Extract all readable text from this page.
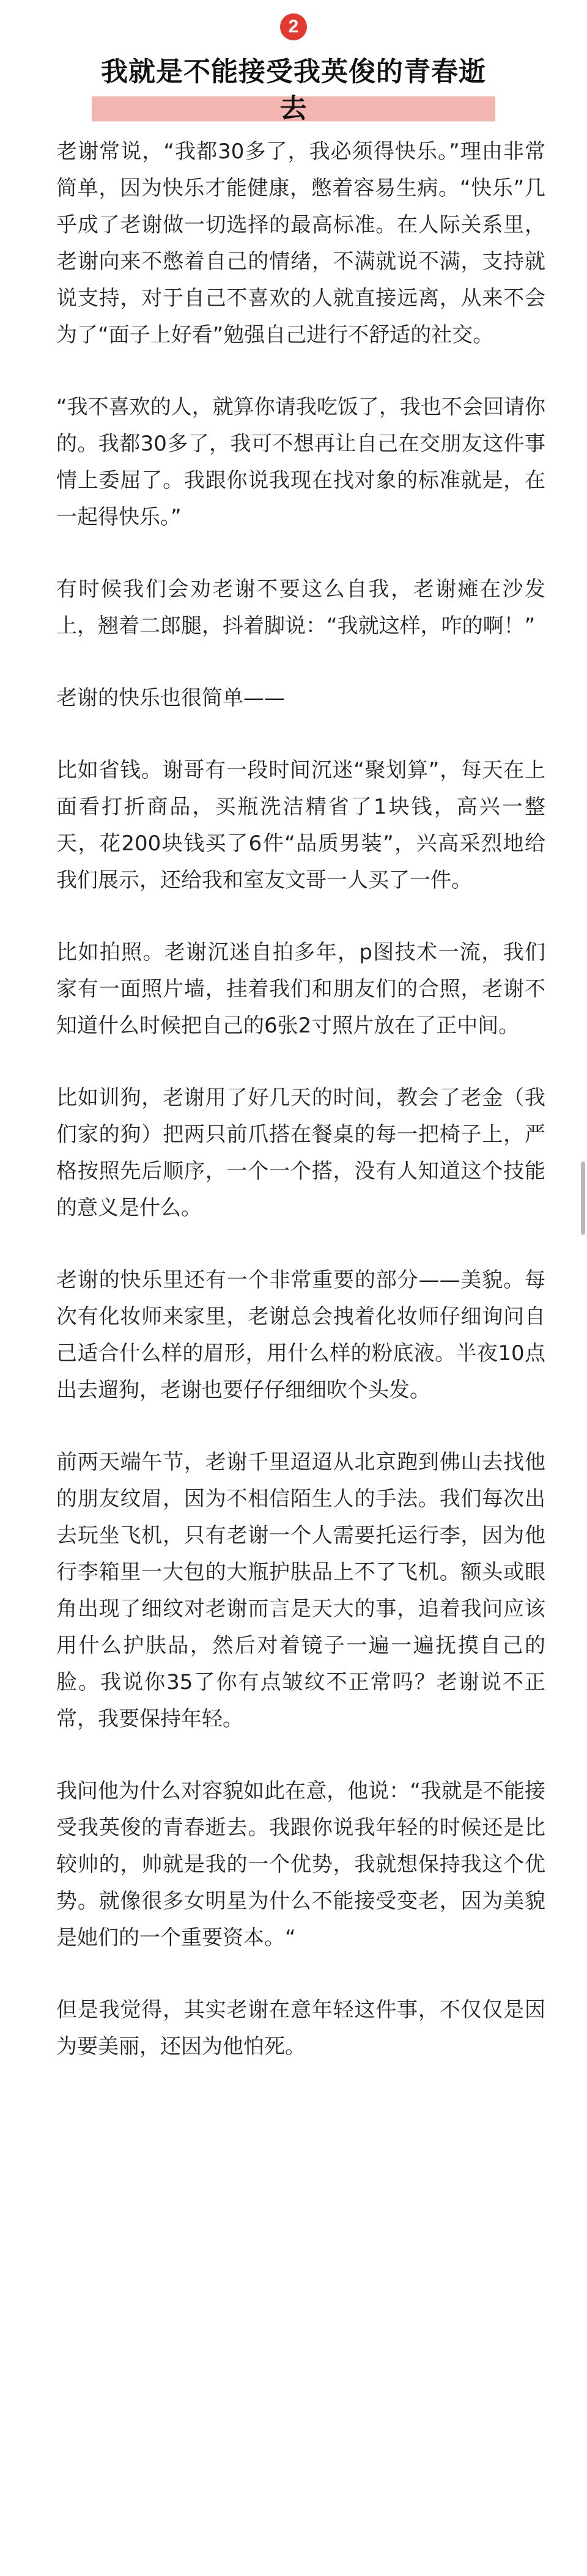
2
我就是不能接受我英俊的青春逝去

老谢常说，“我都30多了，我必须得快乐。”理由非常简单，因为快乐才能健康，憋着容易生病。“快乐”几乎成了老谢做一切选择的最高标准。在人际关系里，老谢向来不憋着自己的情绪，不满就说不满，支持就说支持，对于自己不喜欢的人就直接远离，从来不会为了“面子上好看”勉强自己进行不舒适的社交。

“我不喜欢的人，就算你请我吃饭了，我也不会回请你的。我都30多了，我可不想再让自己在交朋友这件事情上委屈了。我跟你说我现在找对象的标准就是，在一起得快乐。”

有时候我们会劝老谢不要这么自我，老谢瘫在沙发上，翘着二郎腿，抖着脚说：“我就这样，咋的啊！”

老谢的快乐也很简单——

比如省钱。谢哥有一段时间沉迷“聚划算”，每天在上面看打折商品，买瓶洗洁精省了1块钱，高兴一整天，花200块钱买了6件“品质男装”，兴高采烈地给我们展示，还给我和室友文哥一人买了一件。

比如拍照。老谢沉迷自拍多年，p图技术一流，我们家有一面照片墙，挂着我们和朋友们的合照，老谢不知道什么时候把自己的6张2寸照片放在了正中间。

比如训狗，老谢用了好几天的时间，教会了老金（我们家的狗）把两只前爪搭在餐桌的每一把椅子上，严格按照先后顺序，一个一个搭，没有人知道这个技能的意义是什么。

老谢的快乐里还有一个非常重要的部分——美貌。每次有化妆师来家里，老谢总会拽着化妆师仔细询问自己适合什么样的眉形，用什么样的粉底液。半夜10点出去遛狗，老谢也要仔仔细细吹个头发。

前两天端午节，老谢千里迢迢从北京跑到佛山去找他的朋友纹眉，因为不相信陌生人的手法。我们每次出去玩坐飞机，只有老谢一个人需要托运行李，因为他行李箱里一大包的大瓶护肤品上不了飞机。额头或眼角出现了细纹对老谢而言是天大的事，追着我问应该用什么护肤品，然后对着镜子一遍一遍抚摸自己的脸。我说你35了你有点皱纹不正常吗？老谢说不正常，我要保持年轻。

我问他为什么对容貌如此在意，他说：“我就是不能接受我英俊的青春逝去。我跟你说我年轻的时候还是比较帅的，帅就是我的一个优势，我就想保持我这个优势。就像很多女明星为什么不能接受变老，因为美貌是她们的一个重要资本。“

但是我觉得，其实老谢在意年轻这件事，不仅仅是因为要美丽，还因为他怕死。
